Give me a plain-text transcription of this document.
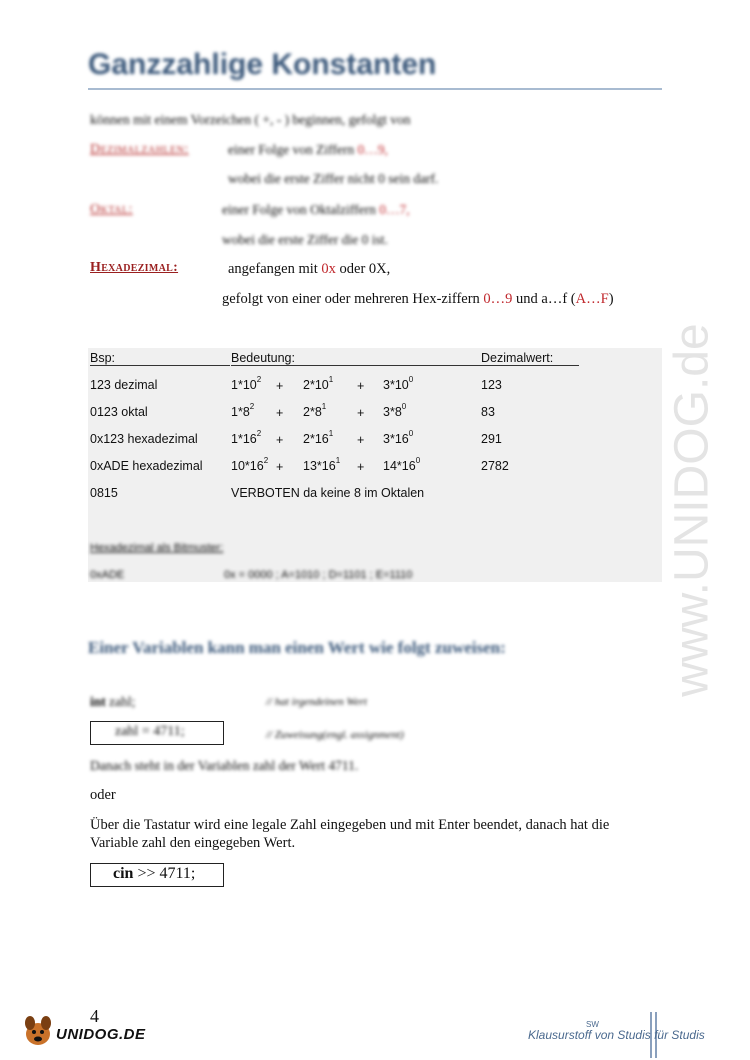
Ganzzahlige Konstanten
können mit einem Vorzeichen ( +, - ) beginnen, gefolgt von
Dezimalzahlen:	einer Folge von Ziffern 0…9,
wobei die erste Ziffer nicht 0 sein darf.
Oktal:	einer Folge von Oktalziffern 0…7,
wobei die erste Ziffer die 0 ist.
Hexadezimal:	angefangen mit 0x oder 0X,
gefolgt von einer oder mehreren Hex-ziffern 0…9 und a…f (A…F)
Bsp:	Bedeutung:	Dezimalwert:
123 dezimal	$1*10^2 + 2*10^1 + 3*10^0$	123
0123 oktal	$1*8^2 + 2*8^1 + 3*8^0$	83
0x123 hexadezimal	$1*16^2 + 2*16^1 + 3*16^0$	291
0xADE hexadezimal $10*16^2 + 13*16^1 + 14*16^0$	2782
0815	VERBOTEN da keine 8 im Oktalen
Hexadezimal als Bitmuster:
0xADE	0x = 0000 ; A=1010 ; D=1101 ; E=1110	www.UNIDOG.de
Einer Variablen kann man einen Wert wie folgt zuweisen:
int zahl;	// hat irgendeinen Wert
zahl = 4711;	// Zuweisung(engl. assignment)
Danach steht in der Variablen zahl der Wert 4711.
oder
Über die Tastatur wird eine legale Zahl eingegeben und mit Enter beendet, danach hat die
Variable zahl den eingegeben Wert.
cin >> 4711;
4
UNIDOG.DE
SW
Klausurstoff von Studis für Studis
